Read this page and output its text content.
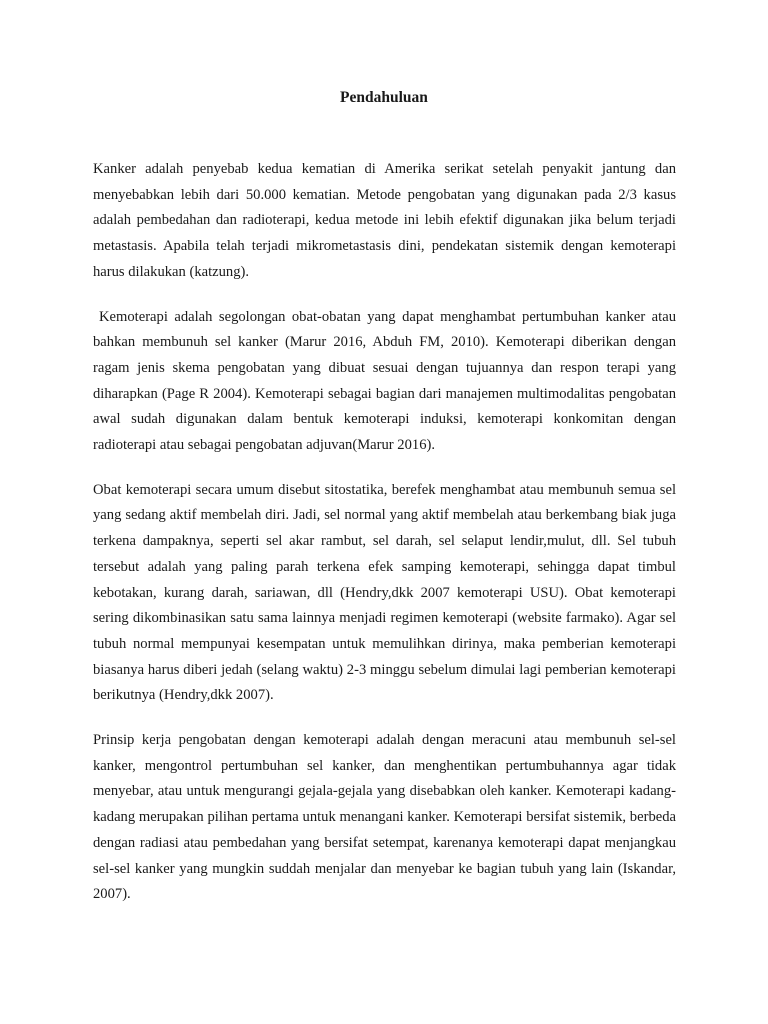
Pendahuluan

Kanker adalah penyebab kedua kematian di Amerika serikat setelah penyakit jantung dan menyebabkan lebih dari 50.000 kematian. Metode pengobatan yang digunakan pada 2/3 kasus adalah pembedahan dan radioterapi, kedua metode ini lebih efektif digunakan jika belum terjadi metastasis. Apabila telah terjadi mikrometastasis dini, pendekatan sistemik dengan kemoterapi harus dilakukan (katzung).

Kemoterapi adalah segolongan obat-obatan yang dapat menghambat pertumbuhan kanker atau bahkan membunuh sel kanker (Marur 2016, Abduh FM, 2010). Kemoterapi diberikan dengan ragam jenis skema pengobatan yang dibuat sesuai dengan tujuannya dan respon terapi yang diharapkan (Page R 2004). Kemoterapi sebagai bagian dari manajemen multimodalitas pengobatan awal sudah digunakan dalam bentuk kemoterapi induksi, kemoterapi konkomitan dengan radioterapi atau sebagai pengobatan adjuvan(Marur 2016).

Obat kemoterapi secara umum disebut sitostatika, berefek menghambat atau membunuh semua sel yang sedang aktif membelah diri. Jadi, sel normal yang aktif membelah atau berkembang biak juga terkena dampaknya, seperti sel akar rambut, sel darah, sel selaput lendir,mulut, dll. Sel tubuh tersebut adalah yang paling parah terkena efek samping kemoterapi, sehingga dapat timbul kebotakan, kurang darah, sariawan, dll (Hendry,dkk 2007 kemoterapi USU). Obat kemoterapi sering dikombinasikan satu sama lainnya menjadi regimen kemoterapi (website farmako). Agar sel tubuh normal mempunyai kesempatan untuk memulihkan dirinya, maka pemberian kemoterapi biasanya harus diberi jedah (selang waktu) 2-3 minggu sebelum dimulai lagi pemberian kemoterapi berikutnya (Hendry,dkk 2007).

Prinsip kerja pengobatan dengan kemoterapi adalah dengan meracuni atau membunuh sel-sel kanker, mengontrol pertumbuhan sel kanker, dan menghentikan pertumbuhannya agar tidak menyebar, atau untuk mengurangi gejala-gejala yang disebabkan oleh kanker. Kemoterapi kadang-kadang merupakan pilihan pertama untuk menangani kanker. Kemoterapi bersifat sistemik, berbeda dengan radiasi atau pembedahan yang bersifat setempat, karenanya kemoterapi dapat menjangkau sel-sel kanker yang mungkin suddah menjalar dan menyebar ke bagian tubuh yang lain (Iskandar, 2007).
